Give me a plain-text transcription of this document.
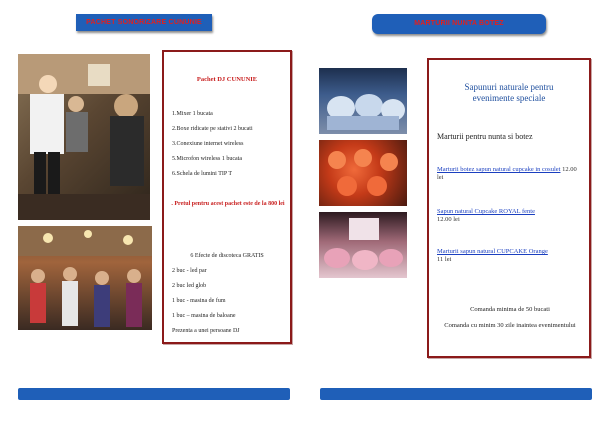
PACHET SONORIZARE CUNUNIE
Pachet DJ CUNUNIE
1.Mixer 1 bucata
2.Boxe ridicate pe stativi 2 bucati
3.Conexiune internet wireless
5.Microfon wireless 1 bucata
6.Schela de lumini TIP T
. Pretul pentru acest pachet este de la 800 lei
6 Efecte de discoteca GRATIS
2 buc - led par
2 buc led glob
1 buc - masina de fum
1 buc – masina de baloane
Prezenta a unei persoane DJ
MARTURII NUNTA BOTEZ
Sapunuri naturale pentru evenimente speciale
Marturii pentru nunta si botez
Marturii botez sapun natural cupcake in cosulet 12.00 lei
Sapun natural Cupcake ROYAL fente
12.00 lei
Marturii sapun natural CUPCAKE Orange
11 lei
Comanda minima de 50 bucati
Comanda cu minim 30 zile inaintea evenimentului
